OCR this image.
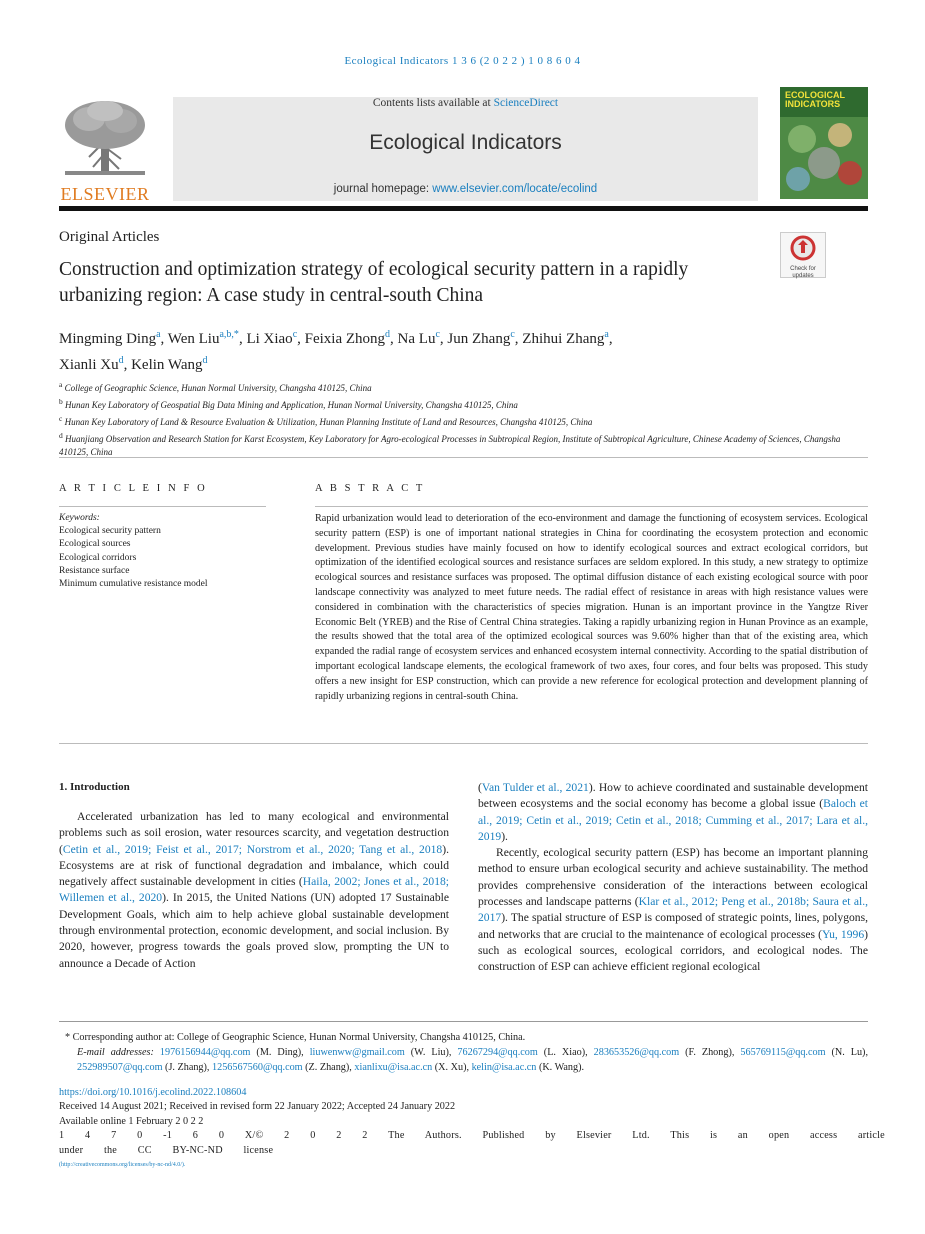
Ecological Indicators 1 3 6 (2 0 2 2 ) 1 0 8 6 0 4
ELSEVIER
Contents lists available at ScienceDirect
Ecological Indicators
journal homepage: www.elsevier.com/locate/ecolind
ECOLOGICAL
INDICATORS
Original Articles
Check for updates
Construction and optimization strategy of ecological security pattern in a rapidly urbanizing region: A case study in central-south China
Mingming Ding$^a$, Wen Liu$^{a,b,*}$, Li Xiao$^c$, Feixia Zhong$^d$, Na Lu$^c$, Jun Zhang$^c$, Zhihui Zhang$^a$,
Xianli Xu$^d$, Kelin Wang$^d$
$^a$ College of Geographic Science, Hunan Normal University, Changsha 410125, China
$^b$ Hunan Key Laboratory of Geospatial Big Data Mining and Application, Hunan Normal University, Changsha 410125, China
$^c$ Hunan Key Laboratory of Land & Resource Evaluation & Utilization, Hunan Planning Institute of Land and Resources, Changsha 410125, China
$^d$ Huanjiang Observation and Research Station for Karst Ecosystem, Key Laboratory for Agro-ecological Processes in Subtropical Region, Institute of Subtropical Agriculture, Chinese Academy of Sciences, Changsha 410125, China
A R T I C L E I N F O	A B S T R A C T
Keywords:
Ecological security pattern
Ecological sources
Ecological corridors
Resistance surface
Minimum cumulative resistance model
Rapid urbanization would lead to deterioration of the eco-environment and damage the functioning of ecosystem services. Ecological security pattern (ESP) is one of important national strategies in China for coordinating the ecosystem protection and economic development. Previous studies have mainly focused on how to identify ecological sources and extract ecological corridors, but optimization of the identified ecological sources and resistance surfaces are seldom explored. In this study, a new strategy to optimize ecological sources and resistance surfaces was proposed. The optimal diffusion distance of each existing ecological source with poor landscape connectivity was analyzed to meet future needs. The radial effect of resistance in areas with high resistance values were considered in combination with the characteristics of species migration. Hunan is an important province in the Yangtze River Economic Belt (YREB) and the Rise of Central China strategies. Taking a rapidly urbanizing region in Hunan Province as an example, the results showed that the total area of the optimized ecological sources was 9.60% higher than that of the existing area, which expanded the radial range of ecosystem services and enhanced ecosystem internal connectivity. According to the spatial distribution of important ecological landscape elements, the ecological framework of two axes, four cores, and four belts was proposed. This study offers a new insight for ESP construction, which can provide a new reference for ecological protection and development planning of rapidly urbanizing regions in central-south China.
1. Introduction
Accelerated urbanization has led to many ecological and environmental problems such as soil erosion, water resources scarcity, and vegetation destruction (Cetin et al., 2019; Feist et al., 2017; Norstrom et al., 2020; Tang et al., 2018). Ecosystems are at risk of functional degradation and imbalance, which could negatively affect sustainable development in cities (Haila, 2002; Jones et al., 2018; Willemen et al., 2020). In 2015, the United Nations (UN) adopted 17 Sustainable Development Goals, which aim to help achieve global sustainable development through environmental protection, economic development, and social inclusion. By 2020, however, progress towards the goals proved slow, prompting the UN to announce a Decade of Action

(Van Tulder et al., 2021). How to achieve coordinated and sustainable development between ecosystems and the social economy has become a global issue (Baloch et al., 2019; Cetin et al., 2019; Cetin et al., 2018; Cumming et al., 2017; Lara et al., 2019).

Recently, ecological security pattern (ESP) has become an important planning method to ensure urban ecological security and achieve sustainability. The method provides comprehensive consideration of the interactions between ecological processes and landscape patterns (Klar et al., 2012; Peng et al., 2018b; Saura et al., 2017). The spatial structure of ESP is composed of strategic points, lines, polygons, and networks that are crucial to the maintenance of ecological processes (Yu, 1996) such as ecological sources, ecological corridors, and ecological nodes. The construction of ESP can achieve efficient regional ecological

* Corresponding author at: College of Geographic Science, Hunan Normal University, Changsha 410125, China.
E-mail addresses: 1976156944@qq.com (M. Ding), liuwenww@gmail.com (W. Liu), 76267294@qq.com (L. Xiao), 283653526@qq.com (F. Zhong), 565769115@qq.com (N. Lu), 252989507@qq.com (J. Zhang), 1256567560@qq.com (Z. Zhang), xianlixu@isa.ac.cn (X. Xu), kelin@isa.ac.cn (K. Wang).
https://doi.org/10.1016/j.ecolind.2022.108604
Received 14 August 2021; Received in revised form 22 January 2022; Accepted 24 January 2022
Available online 1 February 2 0 2 2
1 4 7 0 -1 6 0 X/© 2 0 2 2 The Authors. Published by Elsevier Ltd. This is an open access article under the CC BY-NC-ND license
(http://creativecommons.org/licenses/by-nc-nd/4.0/).
